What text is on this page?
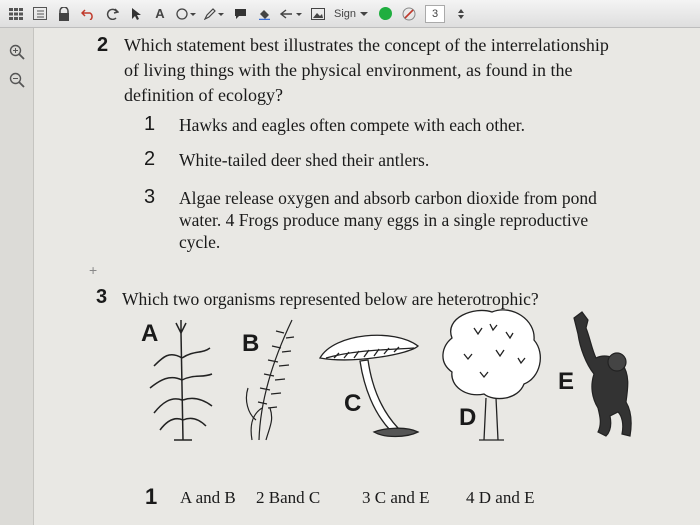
A	Sign	3
2 Which statement best illustrates the concept of the interrelationship
of living things with the physical environment, as found in the
definition of ecology?
1 Hawks and eagles often compete with each other.
2 White-tailed deer shed their antlers.
3 Algae release oxygen and absorb carbon dioxide from pond
water. 4 Frogs produce many eggs in a single reproductive
cycle.
+
3 Which two organisms represented below are heterotrophic?
A	B
C
D
E
1 A and B 2 Band C 3 C and E 4 D and E
